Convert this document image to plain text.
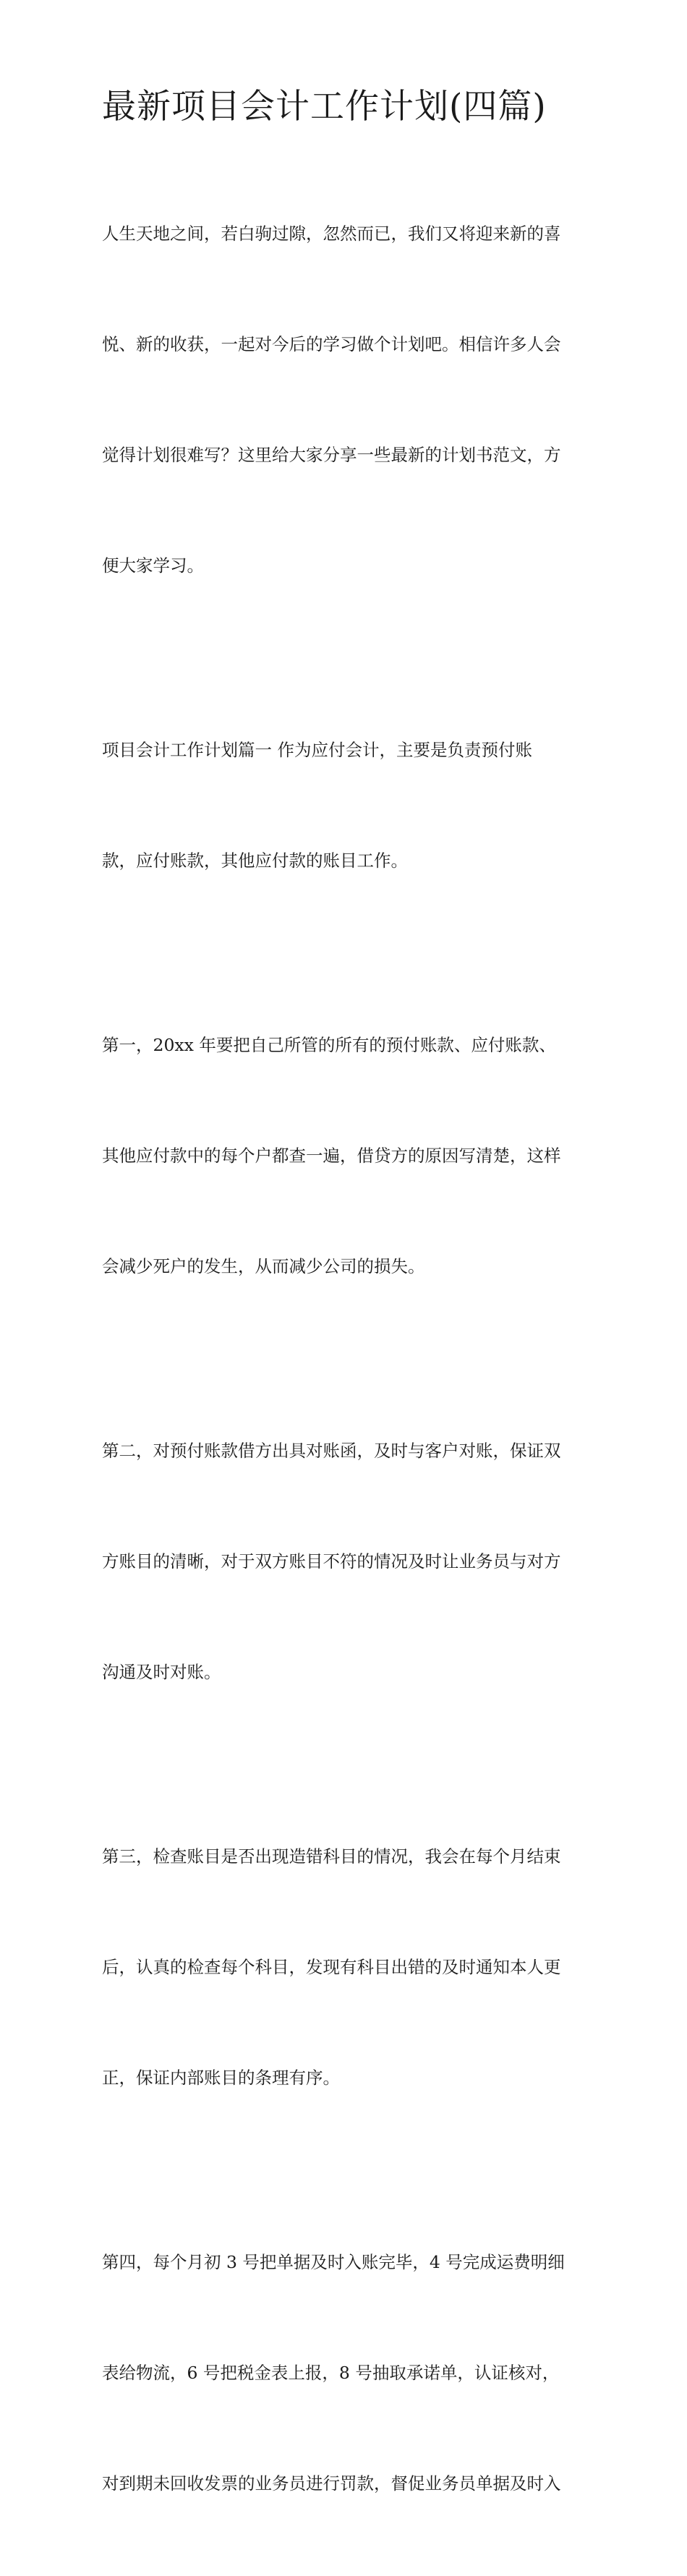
最新项目会计工作计划(四篇)

人生天地之间，若白驹过隙，忽然而已，我们又将迎来新的喜

悦、新的收获，一起对今后的学习做个计划吧。相信许多人会

觉得计划很难写？这里给大家分享一些最新的计划书范文，方

便大家学习。

项目会计工作计划篇一 作为应付会计，主要是负责预付账

款，应付账款，其他应付款的账目工作。

第一，20xx 年要把自己所管的所有的预付账款、应付账款、

其他应付款中的每个户都查一遍，借贷方的原因写清楚，这样

会减少死户的发生，从而减少公司的损失。

第二，对预付账款借方出具对账函，及时与客户对账，保证双

方账目的清晰，对于双方账目不符的情况及时让业务员与对方

沟通及时对账。

第三，检查账目是否出现造错科目的情况，我会在每个月结束

后，认真的检查每个科目，发现有科目出错的及时通知本人更

正，保证内部账目的条理有序。

第四，每个月初 3 号把单据及时入账完毕，4 号完成运费明细

表给物流，6 号把税金表上报，8 号抽取承诺单，认证核对，

对到期未回收发票的业务员进行罚款，督促业务员单据及时入
